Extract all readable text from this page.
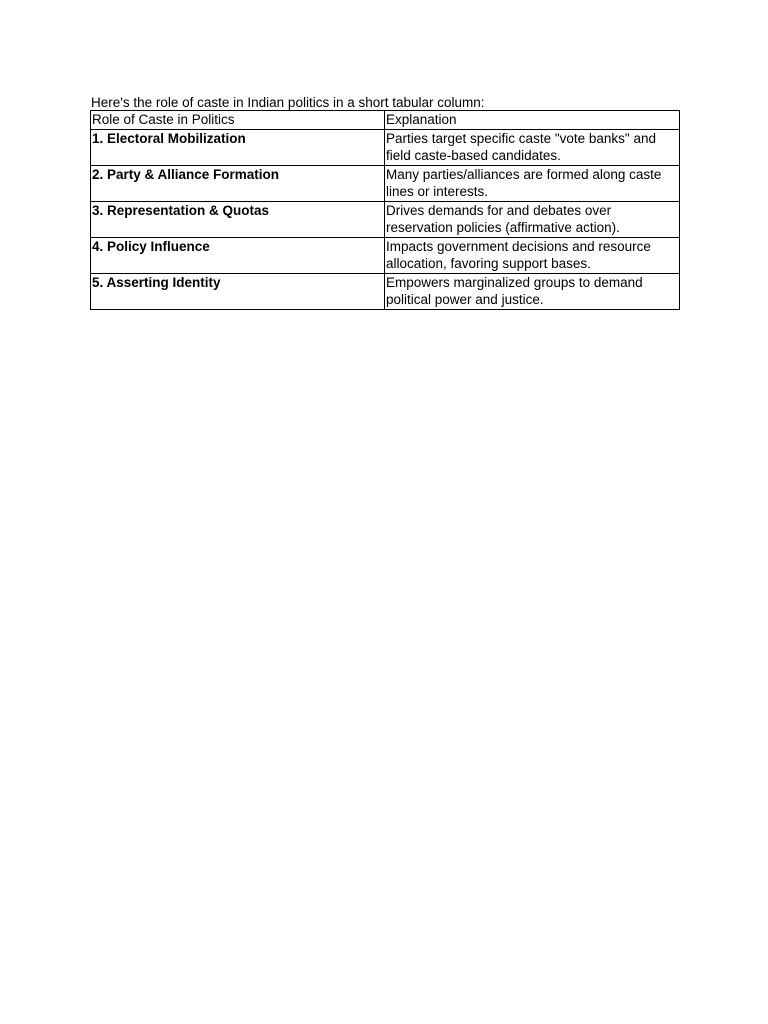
Here's the role of caste in Indian politics in a short tabular column:
Role of Caste in Politics	Explanation
1. Electoral Mobilization	Parties target specific caste "vote banks" and field caste-based candidates.
2. Party & Alliance Formation	Many parties/alliances are formed along caste lines or interests.
3. Representation & Quotas	Drives demands for and debates over reservation policies (affirmative action).
4. Policy Influence	Impacts government decisions and resource allocation, favoring support bases.
5. Asserting Identity	Empowers marginalized groups to demand political power and justice.
